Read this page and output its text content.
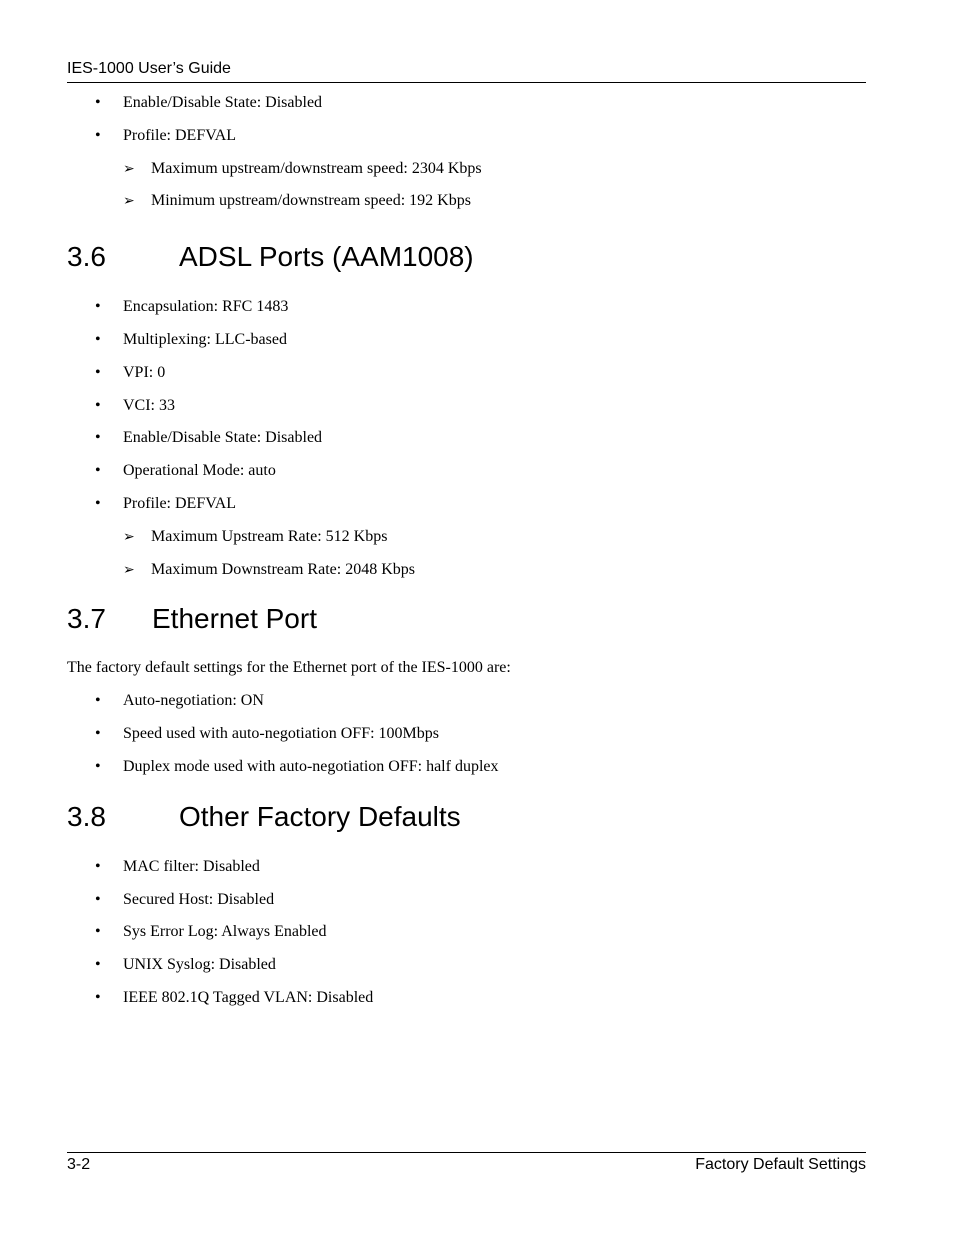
IES-1000 User’s Guide
• Enable/Disable State: Disabled
• Profile: DEFVAL
➢ Maximum upstream/downstream speed: 2304 Kbps
➢ Minimum upstream/downstream speed: 192 Kbps
3.6	ADSL Ports (AAM1008)
• Encapsulation: RFC 1483
• Multiplexing: LLC-based
• VPI: 0
• VCI: 33
• Enable/Disable State: Disabled
• Operational Mode: auto
• Profile: DEFVAL
➢ Maximum Upstream Rate: 512 Kbps
➢ Maximum Downstream Rate: 2048 Kbps
3.7 Ethernet Port

The factory default settings for the Ethernet port of the IES-1000 are:

• Auto-negotiation: ON
• Speed used with auto-negotiation OFF: 100Mbps
• Duplex mode used with auto-negotiation OFF: half duplex
3.8	Other Factory Defaults
• MAC filter: Disabled
• Secured Host: Disabled
• Sys Error Log: Always Enabled
• UNIX Syslog: Disabled
• IEEE 802.1Q Tagged VLAN: Disabled
3-2	Factory Default Settings
